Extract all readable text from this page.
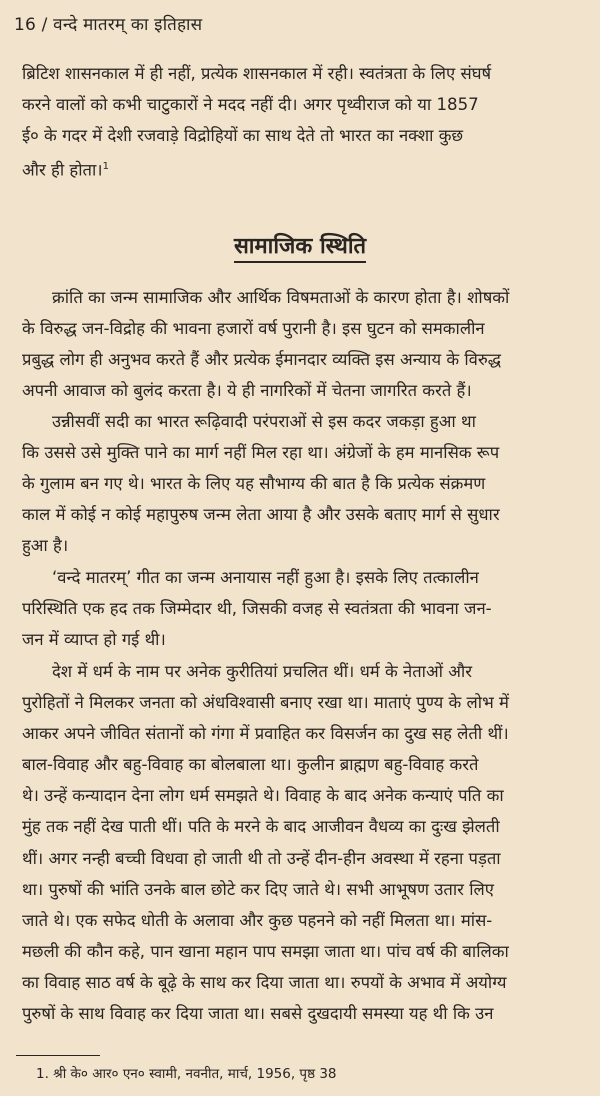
16 / वन्दे मातरम् का इतिहास

ब्रिटिश शासनकाल में ही नहीं, प्रत्येक शासनकाल में रही। स्वतंत्रता के लिए संघर्ष
करने वालों को कभी चाटुकारों ने मदद नहीं दी। अगर पृथ्वीराज को या 1857
ई० के गदर में देशी रजवाड़े विद्रोहियों का साथ देते तो भारत का नक्शा कुछ
और ही होता।$^1$

सामाजिक स्थिति

क्रांति का जन्म सामाजिक और आर्थिक विषमताओं के कारण होता है। शोषकों
के विरुद्ध जन-विद्रोह की भावना हजारों वर्ष पुरानी है। इस घुटन को समकालीन
प्रबुद्ध लोग ही अनुभव करते हैं और प्रत्येक ईमानदार व्यक्ति इस अन्याय के विरुद्ध
अपनी आवाज को बुलंद करता है। ये ही नागरिकों में चेतना जागरित करते हैं।

उन्नीसवीं सदी का भारत रूढ़िवादी परंपराओं से इस कदर जकड़ा हुआ था
कि उससे उसे मुक्ति पाने का मार्ग नहीं मिल रहा था। अंग्रेजों के हम मानसिक रूप
के गुलाम बन गए थे। भारत के लिए यह सौभाग्य की बात है कि प्रत्येक संक्रमण
काल में कोई न कोई महापुरुष जन्म लेता आया है और उसके बताए मार्ग से सुधार
हुआ है।

‘वन्दे मातरम्’ गीत का जन्म अनायास नहीं हुआ है। इसके लिए तत्कालीन
परिस्थिति एक हद तक जिम्मेदार थी, जिसकी वजह से स्वतंत्रता की भावना जन-
जन में व्याप्त हो गई थी।

देश में धर्म के नाम पर अनेक कुरीतियां प्रचलित थीं। धर्म के नेताओं और
पुरोहितों ने मिलकर जनता को अंधविश्वासी बनाए रखा था। माताएं पुण्य के लोभ में
आकर अपने जीवित संतानों को गंगा में प्रवाहित कर विसर्जन का दुख सह लेती थीं।
बाल-विवाह और बहु-विवाह का बोलबाला था। कुलीन ब्राह्मण बहु-विवाह करते
थे। उन्हें कन्यादान देना लोग धर्म समझते थे। विवाह के बाद अनेक कन्याएं पति का
मुंह तक नहीं देख पाती थीं। पति के मरने के बाद आजीवन वैधव्य का दुःख झेलती
थीं। अगर नन्ही बच्ची विधवा हो जाती थी तो उन्हें दीन-हीन अवस्था में रहना पड़ता
था। पुरुषों की भांति उनके बाल छोटे कर दिए जाते थे। सभी आभूषण उतार लिए
जाते थे। एक सफेद धोती के अलावा और कुछ पहनने को नहीं मिलता था। मांस-
मछली की कौन कहे, पान खाना महान पाप समझा जाता था। पांच वर्ष की बालिका
का विवाह साठ वर्ष के बूढ़े के साथ कर दिया जाता था। रुपयों के अभाव में अयोग्य
पुरुषों के साथ विवाह कर दिया जाता था। सबसे दुखदायी समस्या यह थी कि उन

1. श्री के० आर० एन० स्वामी, नवनीत, मार्च, 1956, पृष्ठ 38
